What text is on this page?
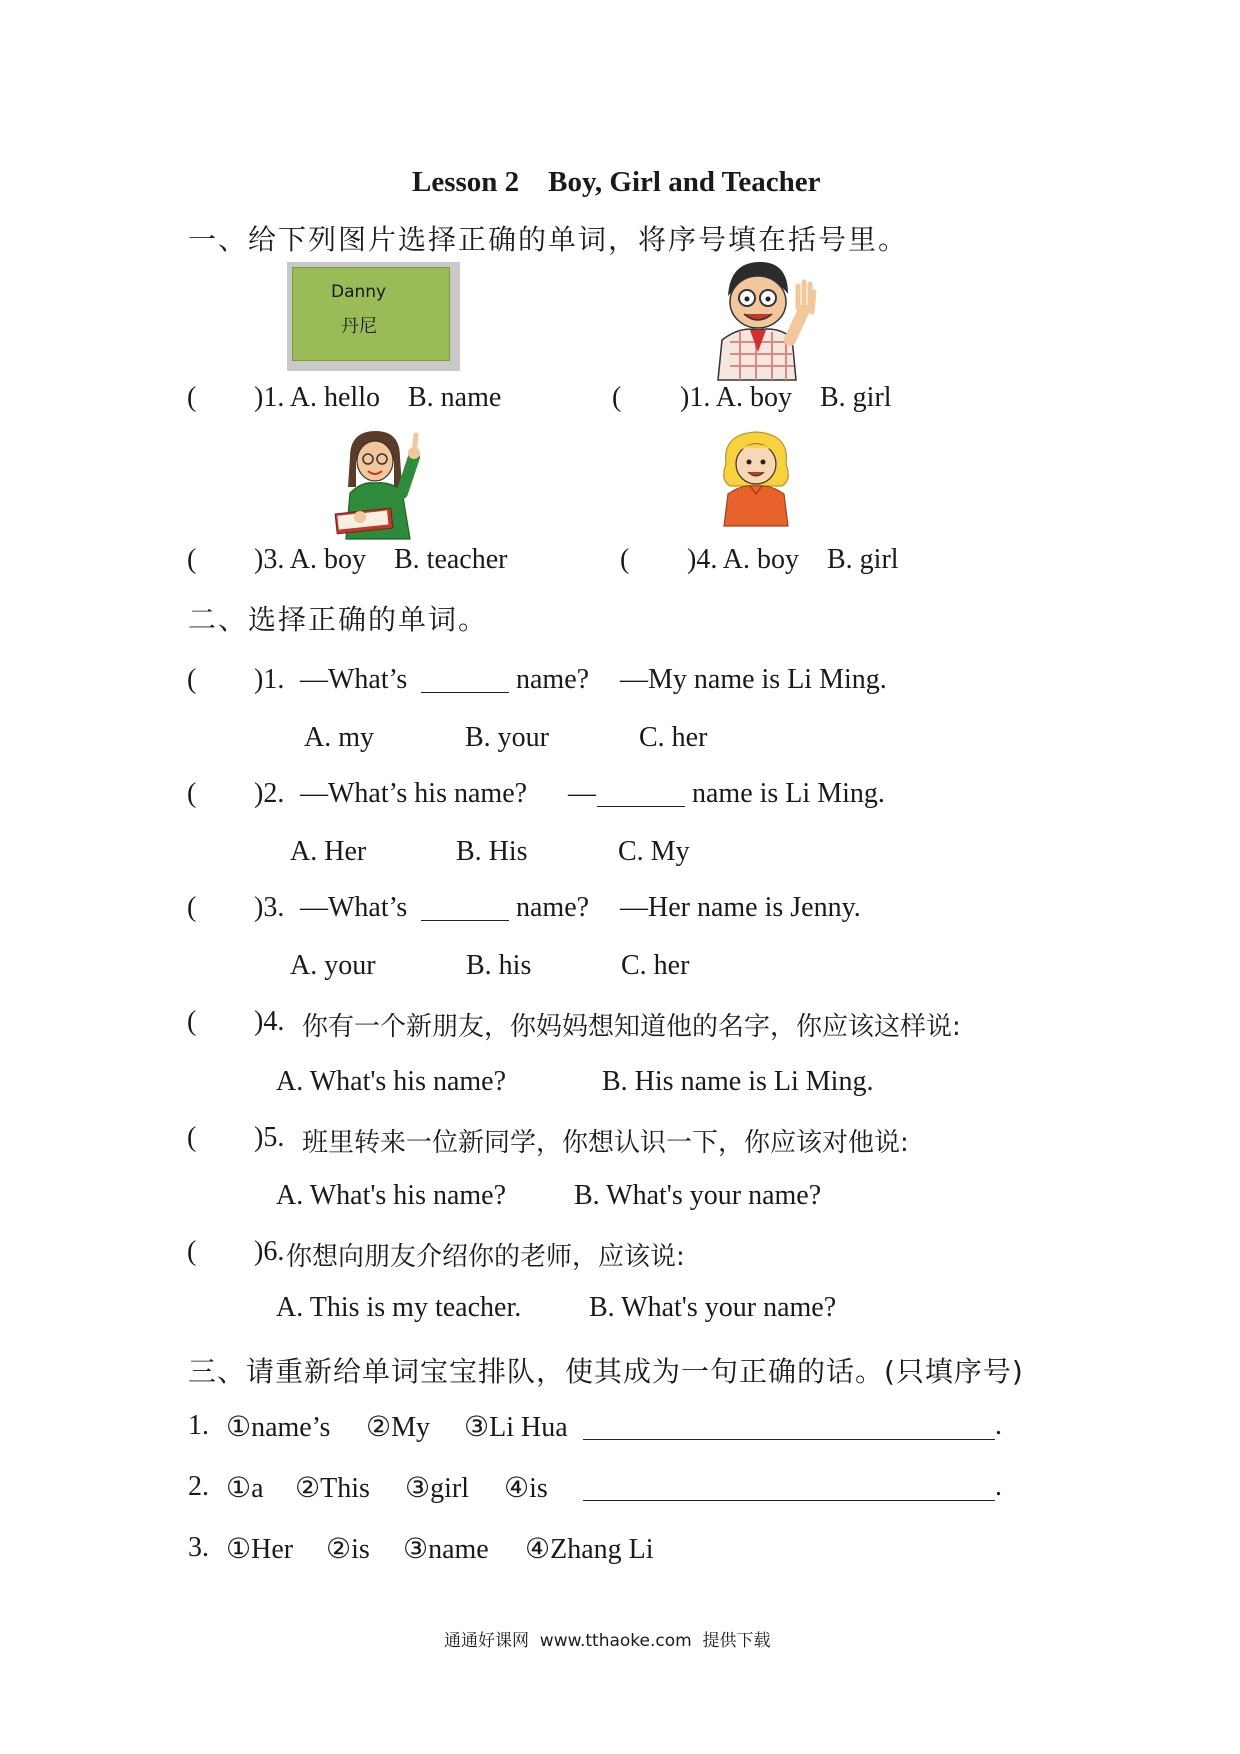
Lesson 2    Boy, Girl and Teacher
一、给下列图片选择正确的单词，将序号填在括号里。
Danny
丹尼
( )1. A. hello    B. name	( )1. A. boy    B. girl
( )3. A. boy    B. teacher	( )4. A. boy    B. girl
二、选择正确的单词。
( )1. —What’s	name? —My name is Li Ming.
A. my	B. your	C. her
( )2. —What’s his name? —	name is Li Ming.
A. Her	B. His	C. My
( )3. —What’s	name? —Her name is Jenny.
A. your	B. his	C. her
( )4. 你有一个新朋友，你妈妈想知道他的名字，你应该这样说:
A. What's his name?	B. His name is Li Ming.
( )5. 班里转来一位新同学，你想认识一下，你应该对他说:
A. What's his name? B. What's your name?
( )6. 你想向朋友介绍你的老师，应该说:
A. This is my teacher. B. What's your name?
三、请重新给单词宝宝排队，使其成为一句正确的话。(只填序号)
1. ①name’s ②My ③Li Hua	.
2. ①a ②This ③girl ④is	.
3. ①Her ②is ③name ④Zhang Li
通通好课网  www.tthaoke.com  提供下载
